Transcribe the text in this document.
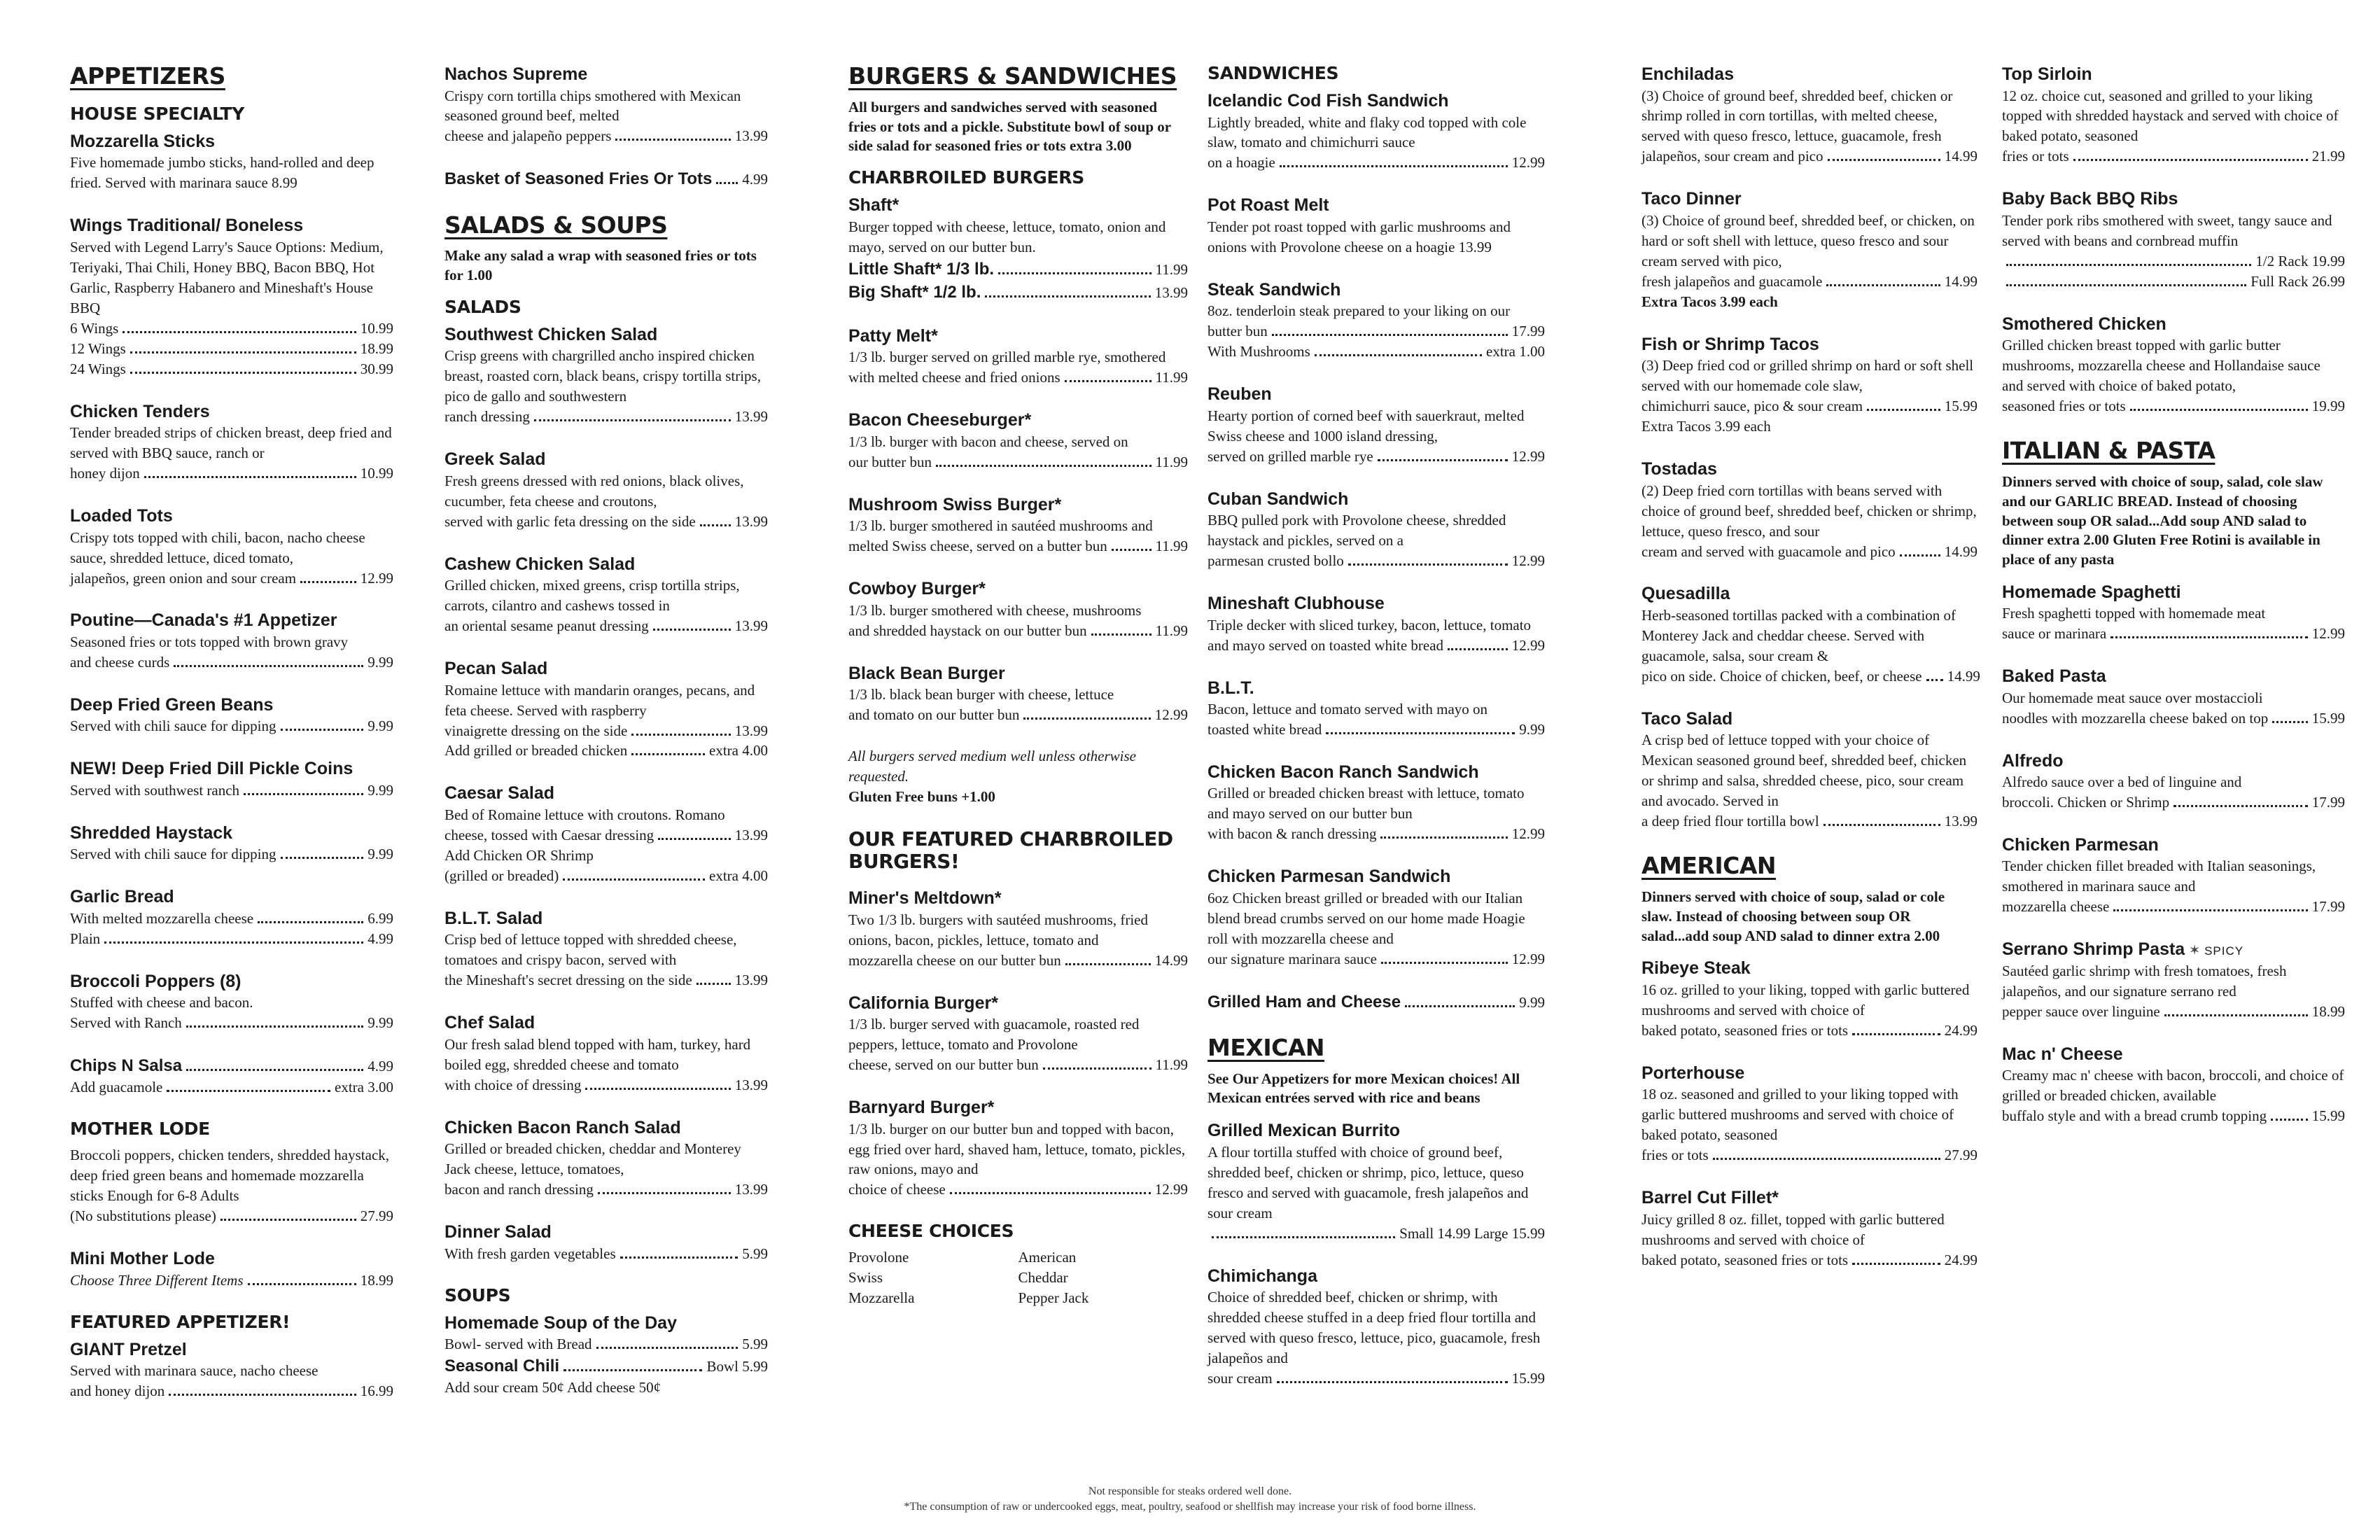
APPETIZERS
HOUSE SPECIALTY
Mozzarella Sticks
Five homemade jumbo sticks, hand-rolled and deep fried. Served with marinara sauce 8.99
Wings Traditional/ Boneless
Served with Legend Larry's Sauce Options: Medium, Teriyaki, Thai Chili, Honey BBQ, Bacon BBQ, Hot Garlic, Raspberry Habanero and Mineshaft's House BBQ
6 Wings	10.99
12 Wings	18.99
24 Wings	30.99
Chicken Tenders
Tender breaded strips of chicken breast, deep fried and served with BBQ sauce, ranch or
honey dijon	10.99
Loaded Tots
Crispy tots topped with chili, bacon, nacho cheese sauce, shredded lettuce, diced tomato,
jalapeños, green onion and sour cream	12.99
Poutine—Canada's #1 Appetizer
Seasoned fries or tots topped with brown gravy
and cheese curds	9.99
Deep Fried Green Beans
Served with chili sauce for dipping	9.99
NEW! Deep Fried Dill Pickle Coins
Served with southwest ranch	9.99
Shredded Haystack
Served with chili sauce for dipping	9.99
Garlic Bread
With melted mozzarella cheese	6.99
Plain	4.99
Broccoli Poppers (8)
Stuffed with cheese and bacon.
Served with Ranch	9.99
Chips N Salsa	4.99
Add guacamole	extra 3.00
MOTHER LODE
Broccoli poppers, chicken tenders, shredded haystack, deep fried green beans and homemade mozzarella sticks Enough for 6-8 Adults
(No substitutions please)	27.99
Mini Mother Lode
Choose Three Different Items	18.99
FEATURED APPETIZER!
GIANT Pretzel
Served with marinara sauce, nacho cheese
and honey dijon	16.99
Nachos Supreme
Crispy corn tortilla chips smothered with Mexican seasoned ground beef, melted
cheese and jalapeño peppers	13.99
Basket of Seasoned Fries Or Tots 4.99
SALADS & SOUPS
Make any salad a wrap with seasoned fries or tots for 1.00
SALADS
Southwest Chicken Salad
Crisp greens with chargrilled ancho inspired chicken breast, roasted corn, black beans, crispy tortilla strips, pico de gallo and southwestern
ranch dressing	13.99
Greek Salad
Fresh greens dressed with red onions, black olives, cucumber, feta cheese and croutons,
served with garlic feta dressing on the side	13.99
Cashew Chicken Salad
Grilled chicken, mixed greens, crisp tortilla strips, carrots, cilantro and cashews tossed in
an oriental sesame peanut dressing	13.99
Pecan Salad
Romaine lettuce with mandarin oranges, pecans, and feta cheese. Served with raspberry
vinaigrette dressing on the side	13.99
Add grilled or breaded chicken	extra 4.00
Caesar Salad
Bed of Romaine lettuce with croutons. Romano
cheese, tossed with Caesar dressing	13.99
Add Chicken OR Shrimp
(grilled or breaded)	extra 4.00
B.L.T. Salad
Crisp bed of lettuce topped with shredded cheese, tomatoes and crispy bacon, served with
the Mineshaft's secret dressing on the side	13.99
Chef Salad
Our fresh salad blend topped with ham, turkey, hard boiled egg, shredded cheese and tomato
with choice of dressing	13.99
Chicken Bacon Ranch Salad
Grilled or breaded chicken, cheddar and Monterey Jack cheese, lettuce, tomatoes,
bacon and ranch dressing	13.99
Dinner Salad
With fresh garden vegetables	5.99
SOUPS
Homemade Soup of the Day
Bowl- served with Bread	5.99
Seasonal Chili	Bowl 5.99
Add sour cream 50¢ Add cheese 50¢
BURGERS & SANDWICHES
All burgers and sandwiches served with seasoned fries or tots and a pickle. Substitute bowl of soup or side salad for seasoned fries or tots extra 3.00
CHARBROILED BURGERS
Shaft*
Burger topped with cheese, lettuce, tomato, onion and mayo, served on our butter bun.
Little Shaft* 1/3 lb.	11.99
Big Shaft* 1/2 lb.	13.99
Patty Melt*
1/3 lb. burger served on grilled marble rye, smothered
with melted cheese and fried onions	11.99
Bacon Cheeseburger*
1/3 lb. burger with bacon and cheese, served on
our butter bun	11.99
Mushroom Swiss Burger*
1/3 lb. burger smothered in sautéed mushrooms and
melted Swiss cheese, served on a butter bun	11.99
Cowboy Burger*
1/3 lb. burger smothered with cheese, mushrooms
and shredded haystack on our butter bun	11.99
Black Bean Burger
1/3 lb. black bean burger with cheese, lettuce
and tomato on our butter bun	12.99
All burgers served medium well unless otherwise requested.
Gluten Free buns +1.00
OUR FEATURED CHARBROILED BURGERS!
Miner's Meltdown*
Two 1/3 lb. burgers with sautéed mushrooms, fried onions, bacon, pickles, lettuce, tomato and
mozzarella cheese on our butter bun	14.99
California Burger*
1/3 lb. burger served with guacamole, roasted red peppers, lettuce, tomato and Provolone
cheese, served on our butter bun	11.99
Barnyard Burger*
1/3 lb. burger on our butter bun and topped with bacon, egg fried over hard, shaved ham, lettuce, tomato, pickles, raw onions, mayo and
choice of cheese	12.99
CHEESE CHOICES
Provolone	American
Swiss	Cheddar
Mozzarella	Pepper Jack
SANDWICHES
Icelandic Cod Fish Sandwich
Lightly breaded, white and flaky cod topped with cole slaw, tomato and chimichurri sauce
on a hoagie	12.99
Pot Roast Melt
Tender pot roast topped with garlic mushrooms and onions with Provolone cheese on a hoagie 13.99
Steak Sandwich
8oz. tenderloin steak prepared to your liking on our
butter bun	17.99
With Mushrooms	extra 1.00
Reuben
Hearty portion of corned beef with sauerkraut, melted Swiss cheese and 1000 island dressing,
served on grilled marble rye	12.99
Cuban Sandwich
BBQ pulled pork with Provolone cheese, shredded haystack and pickles, served on a
parmesan crusted bollo	12.99
Mineshaft Clubhouse
Triple decker with sliced turkey, bacon, lettuce, tomato
and mayo served on toasted white bread	12.99
B.L.T.
Bacon, lettuce and tomato served with mayo on
toasted white bread	9.99
Chicken Bacon Ranch Sandwich
Grilled or breaded chicken breast with lettuce, tomato and mayo served on our butter bun
with bacon & ranch dressing	12.99
Chicken Parmesan Sandwich
6oz Chicken breast grilled or breaded with our Italian blend bread crumbs served on our home made Hoagie roll with mozzarella cheese and
our signature marinara sauce	12.99
Grilled Ham and Cheese	9.99
MEXICAN
See Our Appetizers for more Mexican choices! All Mexican entrées served with rice and beans
Grilled Mexican Burrito
A flour tortilla stuffed with choice of ground beef, shredded beef, chicken or shrimp, pico, lettuce, queso fresco and served with guacamole, fresh jalapeños and sour cream
Small 14.99 Large 15.99
Chimichanga
Choice of shredded beef, chicken or shrimp, with shredded cheese stuffed in a deep fried flour tortilla and served with queso fresco, lettuce, pico, guacamole, fresh jalapeños and
sour cream	15.99
Enchiladas
(3) Choice of ground beef, shredded beef, chicken or shrimp rolled in corn tortillas, with melted cheese, served with queso fresco, lettuce, guacamole, fresh
jalapeños, sour cream and pico	14.99
Taco Dinner
(3) Choice of ground beef, shredded beef, or chicken, on hard or soft shell with lettuce, queso fresco and sour cream served with pico,
fresh jalapeños and guacamole	14.99
Extra Tacos 3.99 each
Fish or Shrimp Tacos
(3) Deep fried cod or grilled shrimp on hard or soft shell served with our homemade cole slaw,
chimichurri sauce, pico & sour cream	15.99
Extra Tacos 3.99 each
Tostadas
(2) Deep fried corn tortillas with beans served with choice of ground beef, shredded beef, chicken or shrimp, lettuce, queso fresco, and sour
cream and served with guacamole and pico	14.99
Quesadilla
Herb-seasoned tortillas packed with a combination of Monterey Jack and cheddar cheese. Served with guacamole, salsa, sour cream &
pico on side. Choice of chicken, beef, or cheese 14.99
Taco Salad
A crisp bed of lettuce topped with your choice of Mexican seasoned ground beef, shredded beef, chicken or shrimp and salsa, shredded cheese, pico, sour cream and avocado. Served in
a deep fried flour tortilla bowl	13.99
AMERICAN
Dinners served with choice of soup, salad or cole slaw. Instead of choosing between soup OR salad...add soup AND salad to dinner extra 2.00
Ribeye Steak
16 oz. grilled to your liking, topped with garlic buttered mushrooms and served with choice of
baked potato, seasoned fries or tots	24.99
Porterhouse
18 oz. seasoned and grilled to your liking topped with garlic buttered mushrooms and served with choice of baked potato, seasoned
fries or tots	27.99
Barrel Cut Fillet*
Juicy grilled 8 oz. fillet, topped with garlic buttered mushrooms and served with choice of
baked potato, seasoned fries or tots	24.99
Top Sirloin
12 oz. choice cut, seasoned and grilled to your liking topped with shredded haystack and served with choice of baked potato, seasoned
fries or tots	21.99
Baby Back BBQ Ribs
Tender pork ribs smothered with sweet, tangy sauce and served with beans and cornbread muffin
1/2 Rack 19.99
Full Rack 26.99
Smothered Chicken
Grilled chicken breast topped with garlic butter mushrooms, mozzarella cheese and Hollandaise sauce and served with choice of baked potato,
seasoned fries or tots	19.99
ITALIAN & PASTA
Dinners served with choice of soup, salad, cole slaw and our GARLIC BREAD. Instead of choosing between soup OR salad...Add soup AND salad to dinner extra 2.00 Gluten Free Rotini is available in place of any pasta
Homemade Spaghetti
Fresh spaghetti topped with homemade meat
sauce or marinara	12.99
Baked Pasta
Our homemade meat sauce over mostaccioli
noodles with mozzarella cheese baked on top	15.99
Alfredo
Alfredo sauce over a bed of linguine and
broccoli. Chicken or Shrimp	17.99
Chicken Parmesan
Tender chicken fillet breaded with Italian seasonings, smothered in marinara sauce and
mozzarella cheese	17.99
Serrano Shrimp Pasta ✶ SPICY
Sautéed garlic shrimp with fresh tomatoes, fresh jalapeños, and our signature serrano red
pepper sauce over linguine	18.99
Mac n' Cheese
Creamy mac n' cheese with bacon, broccoli, and choice of grilled or breaded chicken, available
buffalo style and with a bread crumb topping	15.99
Not responsible for steaks ordered well done.
*The consumption of raw or undercooked eggs, meat, poultry, seafood or shellfish may increase your risk of food borne illness.
